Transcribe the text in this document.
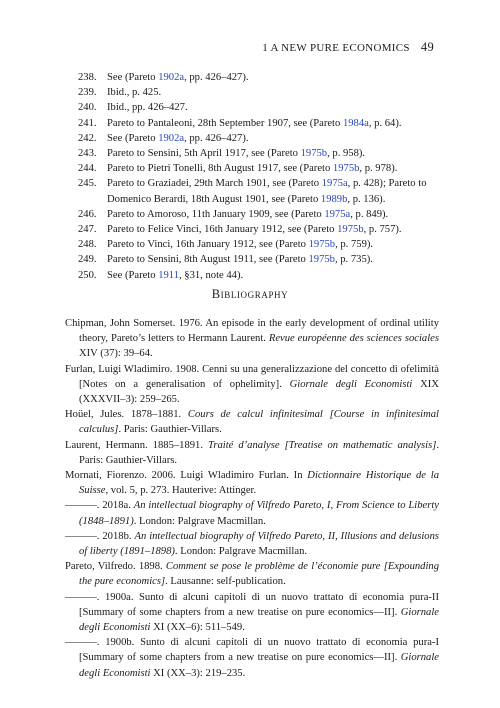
1 A NEW PURE ECONOMICS 49
238. See (Pareto 1902a, pp. 426–427).
239. Ibid., p. 425.
240. Ibid., pp. 426–427.
241. Pareto to Pantaleoni, 28th September 1907, see (Pareto 1984a, p. 64).
242. See (Pareto 1902a, pp. 426–427).
243. Pareto to Sensini, 5th April 1917, see (Pareto 1975b, p. 958).
244. Pareto to Pietri Tonelli, 8th August 1917, see (Pareto 1975b, p. 978).
245. Pareto to Graziadei, 29th March 1901, see (Pareto 1975a, p. 428); Pareto to Domenico Berardi, 18th August 1901, see (Pareto 1989b, p. 136).
246. Pareto to Amoroso, 11th January 1909, see (Pareto 1975a, p. 849).
247. Pareto to Felice Vinci, 16th January 1912, see (Pareto 1975b, p. 757).
248. Pareto to Vinci, 16th January 1912, see (Pareto 1975b, p. 759).
249. Pareto to Sensini, 8th August 1911, see (Pareto 1975b, p. 735).
250. See (Pareto 1911, §31, note 44).
Bibliography
Chipman, John Somerset. 1976. An episode in the early development of ordinal utility theory, Pareto’s letters to Hermann Laurent. Revue européenne des sciences sociales XIV (37): 39–64.
Furlan, Luigi Wladimiro. 1908. Cenni su una generalizzazione del concetto di ofelimità [Notes on a generalisation of ophelimity]. Giornale degli Economisti XIX (XXXVII–3): 259–265.
Hoüel, Jules. 1878–1881. Cours de calcul infinitesimal [Course in infinitesimal calculus]. Paris: Gauthier-Villars.
Laurent, Hermann. 1885–1891. Traité d’analyse [Treatise on mathematic analysis]. Paris: Gauthier-Villars.
Mornati, Fiorenzo. 2006. Luigi Wladimiro Furlan. In Dictionnaire Historique de la Suisse, vol. 5, p. 273. Hauterive: Attinger.
———. 2018a. An intellectual biography of Vilfredo Pareto, I, From Science to Liberty (1848–1891). London: Palgrave Macmillan.
———. 2018b. An intellectual biography of Vilfredo Pareto, II, Illusions and delusions of liberty (1891–1898). London: Palgrave Macmillan.
Pareto, Vilfredo. 1898. Comment se pose le problème de l’économie pure [Expounding the pure economics]. Lausanne: self-publication.
———. 1900a. Sunto di alcuni capitoli di un nuovo trattato di economia pura-II [Summary of some chapters from a new treatise on pure economics—II]. Giornale degli Economisti XI (XX–6): 511–549.
———. 1900b. Sunto di alcuni capitoli di un nuovo trattato di economia pura-I [Summary of some chapters from a new treatise on pure economics—II]. Giornale degli Economisti XI (XX–3): 219–235.
